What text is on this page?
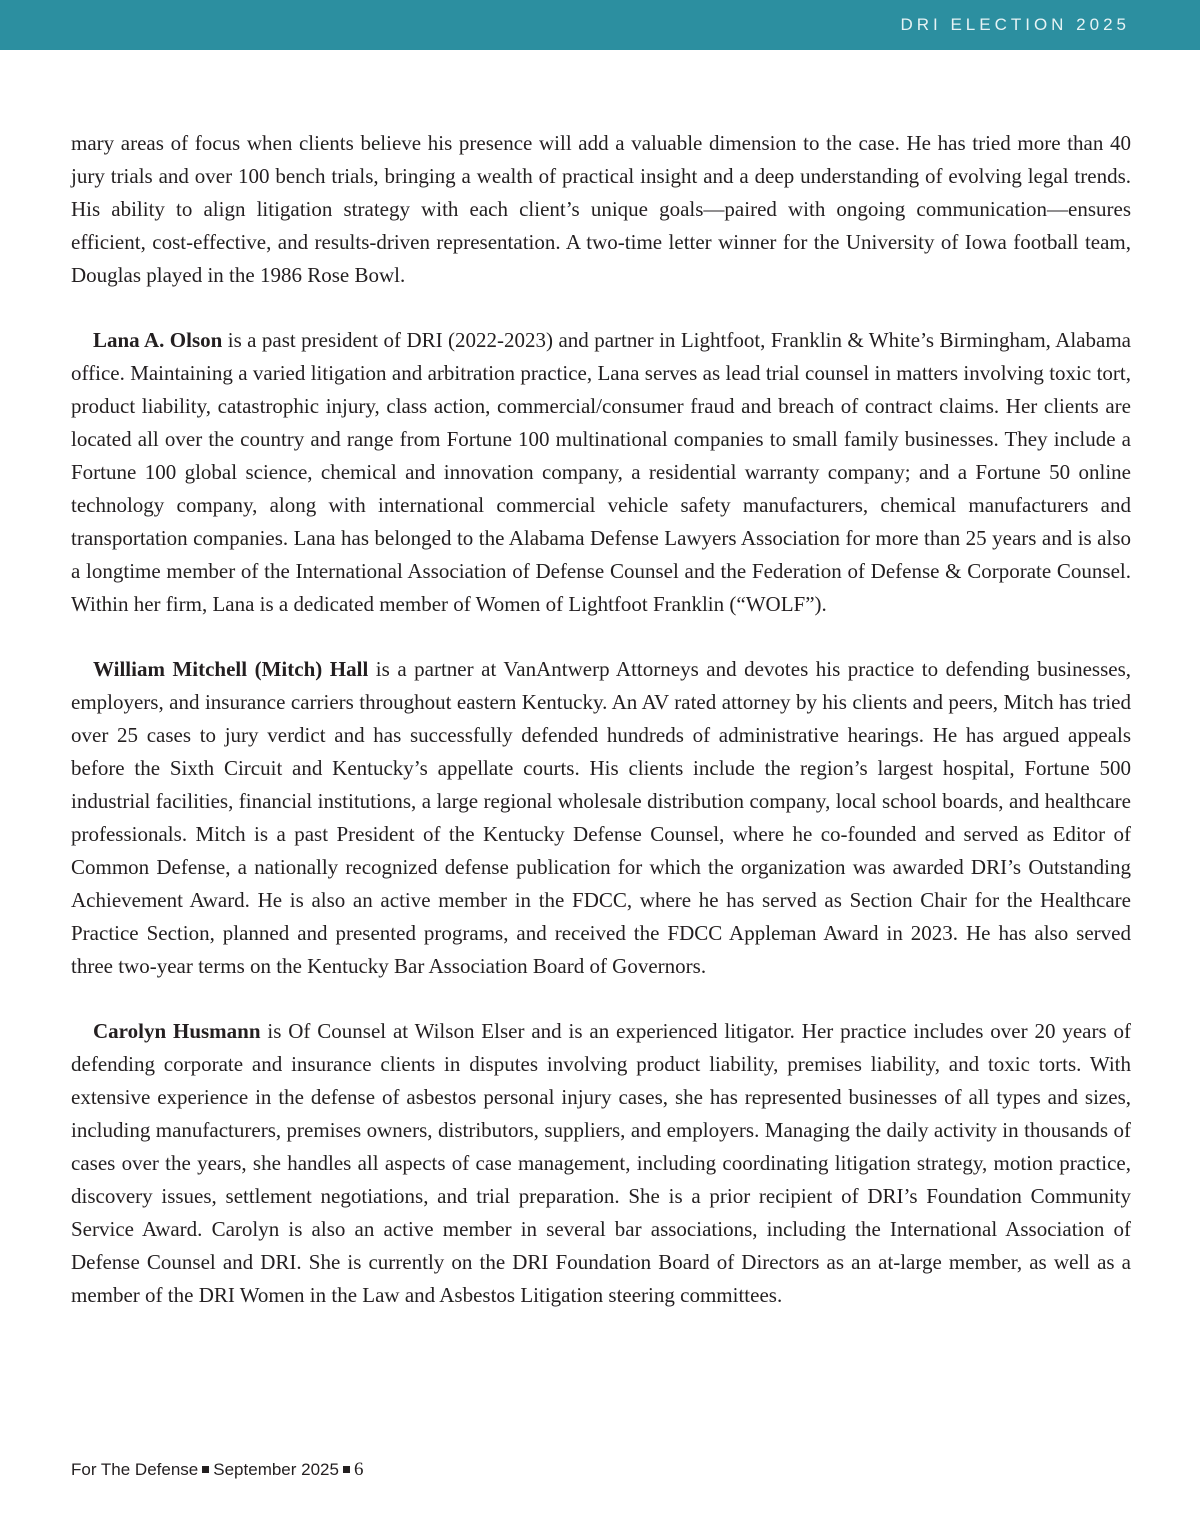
DRI ELECTION 2025

mary areas of focus when clients believe his presence will add a valuable dimension to the case. He has tried more than 40 jury trials and over 100 bench trials, bringing a wealth of practical insight and a deep understanding of evolving legal trends. His ability to align litigation strategy with each client’s unique goals—paired with ongoing communication—ensures efficient, cost-effective, and results-driven representation. A two-time letter winner for the University of Iowa football team, Douglas played in the 1986 Rose Bowl.

Lana A. Olson is a past president of DRI (2022-2023) and partner in Lightfoot, Franklin & White’s Birmingham, Alabama office. Maintaining a varied litigation and arbitration practice, Lana serves as lead trial counsel in matters involving toxic tort, product liability, catastrophic injury, class action, commercial/consumer fraud and breach of contract claims. Her clients are located all over the country and range from Fortune 100 multinational companies to small family businesses. They include a Fortune 100 global science, chemical and innovation company, a residential warranty company; and a Fortune 50 online technology company, along with international commercial vehicle safety manufacturers, chemical manufacturers and transportation companies. Lana has belonged to the Alabama Defense Lawyers Association for more than 25 years and is also a longtime member of the International Association of Defense Counsel and the Federation of Defense & Corporate Counsel. Within her firm, Lana is a dedicated member of Women of Lightfoot Franklin (“WOLF”).

William Mitchell (Mitch) Hall is a partner at VanAntwerp Attorneys and devotes his practice to defending businesses, employers, and insurance carriers throughout eastern Kentucky. An AV rated attorney by his clients and peers, Mitch has tried over 25 cases to jury verdict and has successfully defended hundreds of administrative hearings. He has argued appeals before the Sixth Circuit and Kentucky’s appellate courts. His clients include the region’s largest hospital, Fortune 500 industrial facilities, financial institutions, a large regional wholesale distribution company, local school boards, and healthcare professionals. Mitch is a past President of the Kentucky Defense Counsel, where he co-founded and served as Editor of Common Defense, a nationally recognized defense publication for which the organization was awarded DRI’s Outstanding Achievement Award. He is also an active member in the FDCC, where he has served as Section Chair for the Healthcare Practice Section, planned and presented programs, and received the FDCC Appleman Award in 2023. He has also served three two-year terms on the Kentucky Bar Association Board of Governors.

Carolyn Husmann is Of Counsel at Wilson Elser and is an experienced litigator. Her practice includes over 20 years of defending corporate and insurance clients in disputes involving product liability, premises liability, and toxic torts. With extensive experience in the defense of asbestos personal injury cases, she has represented businesses of all types and sizes, including manufacturers, premises owners, distributors, suppliers, and employers. Managing the daily activity in thousands of cases over the years, she handles all aspects of case management, including coordinating litigation strategy, motion practice, discovery issues, settlement negotiations, and trial preparation. She is a prior recipient of DRI’s Foundation Community Service Award. Carolyn is also an active member in several bar associations, including the International Association of Defense Counsel and DRI. She is currently on the DRI Foundation Board of Directors as an at-large member, as well as a member of the DRI Women in the Law and Asbestos Litigation steering committees.

For The Defense September 2025 6
